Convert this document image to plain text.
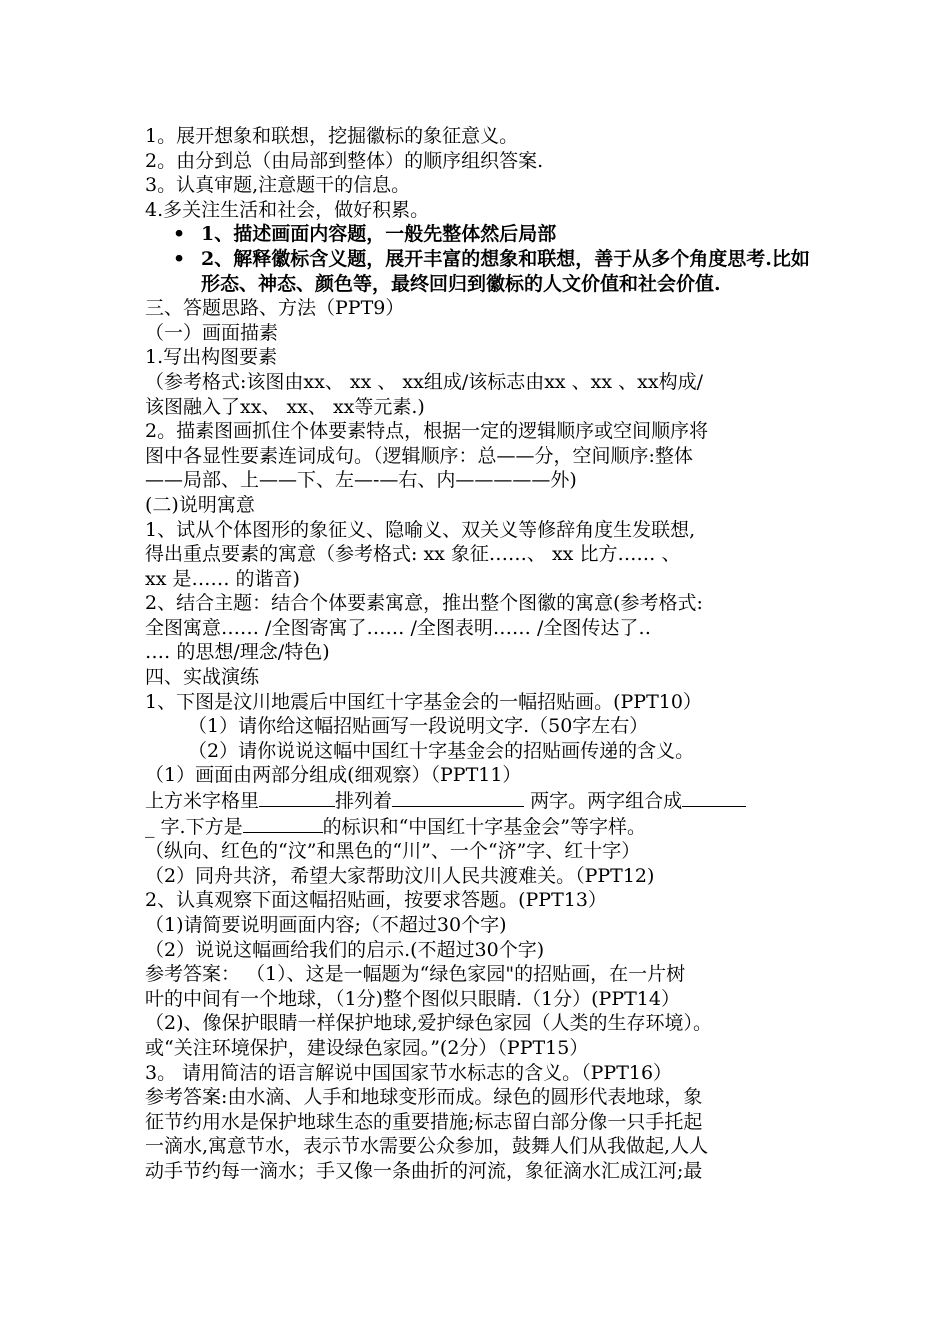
1。展开想象和联想，挖掘徽标的象征意义。
2。由分到总（由局部到整体）的顺序组织答案.
3。认真审题,注意题干的信息。
4.多关注生活和社会，做好积累。
• 1、描述画面内容题，一般先整体然后局部
• 2、解释徽标含义题，展开丰富的想象和联想，善于从多个角度思考.比如形态、神态、颜色等，最终回归到徽标的人文价值和社会价值.
三、答题思路、方法（PPT9）
（一）画面描素
1.写出构图要素
（参考格式:该图由xx、 xx 、 xx组成/该标志由xx 、xx 、xx构成/
该图融入了xx、 xx、 xx等元素.)
2。描素图画抓住个体要素特点，根据一定的逻辑顺序或空间顺序将
图中各显性要素连词成句。（逻辑顺序：总——分，空间顺序:整体
——局部、上——下、左—-—右、内—————外)
(二)说明寓意
1、试从个体图形的象征义、隐喻义、双关义等修辞角度生发联想,
得出重点要素的寓意（参考格式: xx 象征‥‥‥、 xx 比方‥‥‥ 、
xx 是‥‥‥ 的谐音)
2、结合主题：结合个体要素寓意，推出整个图徽的寓意(参考格式:
全图寓意‥‥‥ /全图寄寓了‥‥‥ /全图表明‥‥‥ /全图传达了‥
‥‥ 的思想/理念/特色)
四、实战演练
1、下图是汶川地震后中国红十字基金会的一幅招贴画。(PPT10）
（1）请你给这幅招贴画写一段说明文字.（50字左右）
（2）请你说说这幅中国红十字基金会的招贴画传递的含义。
（1）画面由两部分组成(细观察）（PPT11）
上方米字格里	排列着	两字。两字组合成
_ 字.下方是	的标识和“中国红十字基金会”等字样。
（纵向、红色的“汶”和黑色的“川”、一个“济”字、红十字）
（2）同舟共济，希望大家帮助汶川人民共渡难关。（PPT12)
2、认真观察下面这幅招贴画，按要求答题。(PPT13）
（1)请简要说明画面内容;（不超过30个字)
（2）说说这幅画给我们的启示.(不超过30个字)
参考答案： （1）、这是一幅题为“绿色家园"的招贴画，在一片树
叶的中间有一个地球，（1分)整个图似只眼睛.（1分）(PPT14）
（2)、像保护眼睛一样保护地球,爱护绿色家园（人类的生存环境）。
或“关注环境保护，建设绿色家园。”(2分）（PPT15）
3。 请用简洁的语言解说中国国家节水标志的含义。（PPT16）
参考答案:由水滴、人手和地球变形而成。绿色的圆形代表地球，象
征节约用水是保护地球生态的重要措施;标志留白部分像一只手托起
一滴水,寓意节水，表示节水需要公众参加，鼓舞人们从我做起,人人
动手节约每一滴水；手又像一条曲折的河流，象征滴水汇成江河;最
